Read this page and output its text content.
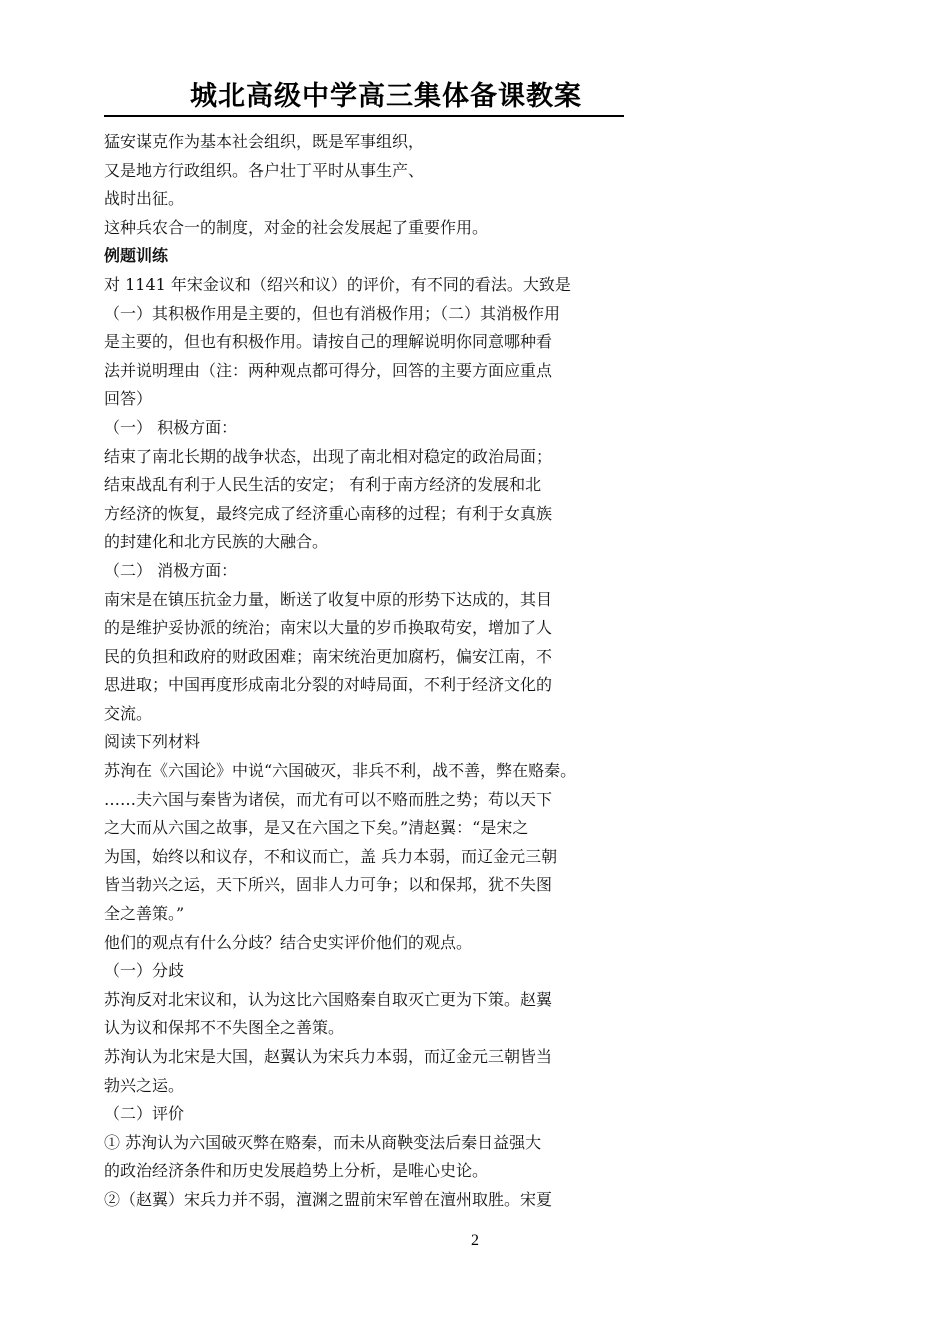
城北高级中学高三集体备课教案
猛安谋克作为基本社会组织，既是军事组织，
又是地方行政组织。各户壮丁平时从事生产、
战时出征。
这种兵农合一的制度，对金的社会发展起了重要作用。
例题训练
对 1141 年宋金议和（绍兴和议）的评价，有不同的看法。大致是
（一）其积极作用是主要的，但也有消极作用；（二）其消极作用
是主要的，但也有积极作用。请按自己的理解说明你同意哪种看
法并说明理由（注：两种观点都可得分，回答的主要方面应重点
回答）
（一） 积极方面：
结束了南北长期的战争状态，出现了南北相对稳定的政治局面；
结束战乱有利于人民生活的安定； 有利于南方经济的发展和北
方经济的恢复，最终完成了经济重心南移的过程；有利于女真族
的封建化和北方民族的大融合。
（二） 消极方面：
南宋是在镇压抗金力量，断送了收复中原的形势下达成的，其目
的是维护妥协派的统治；南宋以大量的岁币换取苟安，增加了人
民的负担和政府的财政困难；南宋统治更加腐朽，偏安江南，不
思进取；中国再度形成南北分裂的对峙局面，不利于经济文化的
交流。
阅读下列材料
苏洵在《六国论》中说“六国破灭，非兵不利，战不善，弊在赂秦。
……夫六国与秦皆为诸侯，而尤有可以不赂而胜之势；苟以天下
之大而从六国之故事，是又在六国之下矣。”清赵翼：“是宋之
为国，始终以和议存，不和议而亡，盖 兵力本弱，而辽金元三朝
皆当勃兴之运，天下所兴，固非人力可争；以和保邦，犹不失图
全之善策。”
他们的观点有什么分歧？结合史实评价他们的观点。
（一）分歧
苏洵反对北宋议和，认为这比六国赂秦自取灭亡更为下策。赵翼
认为议和保邦不不失图全之善策。
苏洵认为北宋是大国，赵翼认为宋兵力本弱，而辽金元三朝皆当
勃兴之运。
（二）评价
① 苏洵认为六国破灭弊在赂秦，而未从商鞅变法后秦日益强大
的政治经济条件和历史发展趋势上分析，是唯心史论。
②（赵翼）宋兵力并不弱，澶渊之盟前宋军曾在澶州取胜。宋夏
2
